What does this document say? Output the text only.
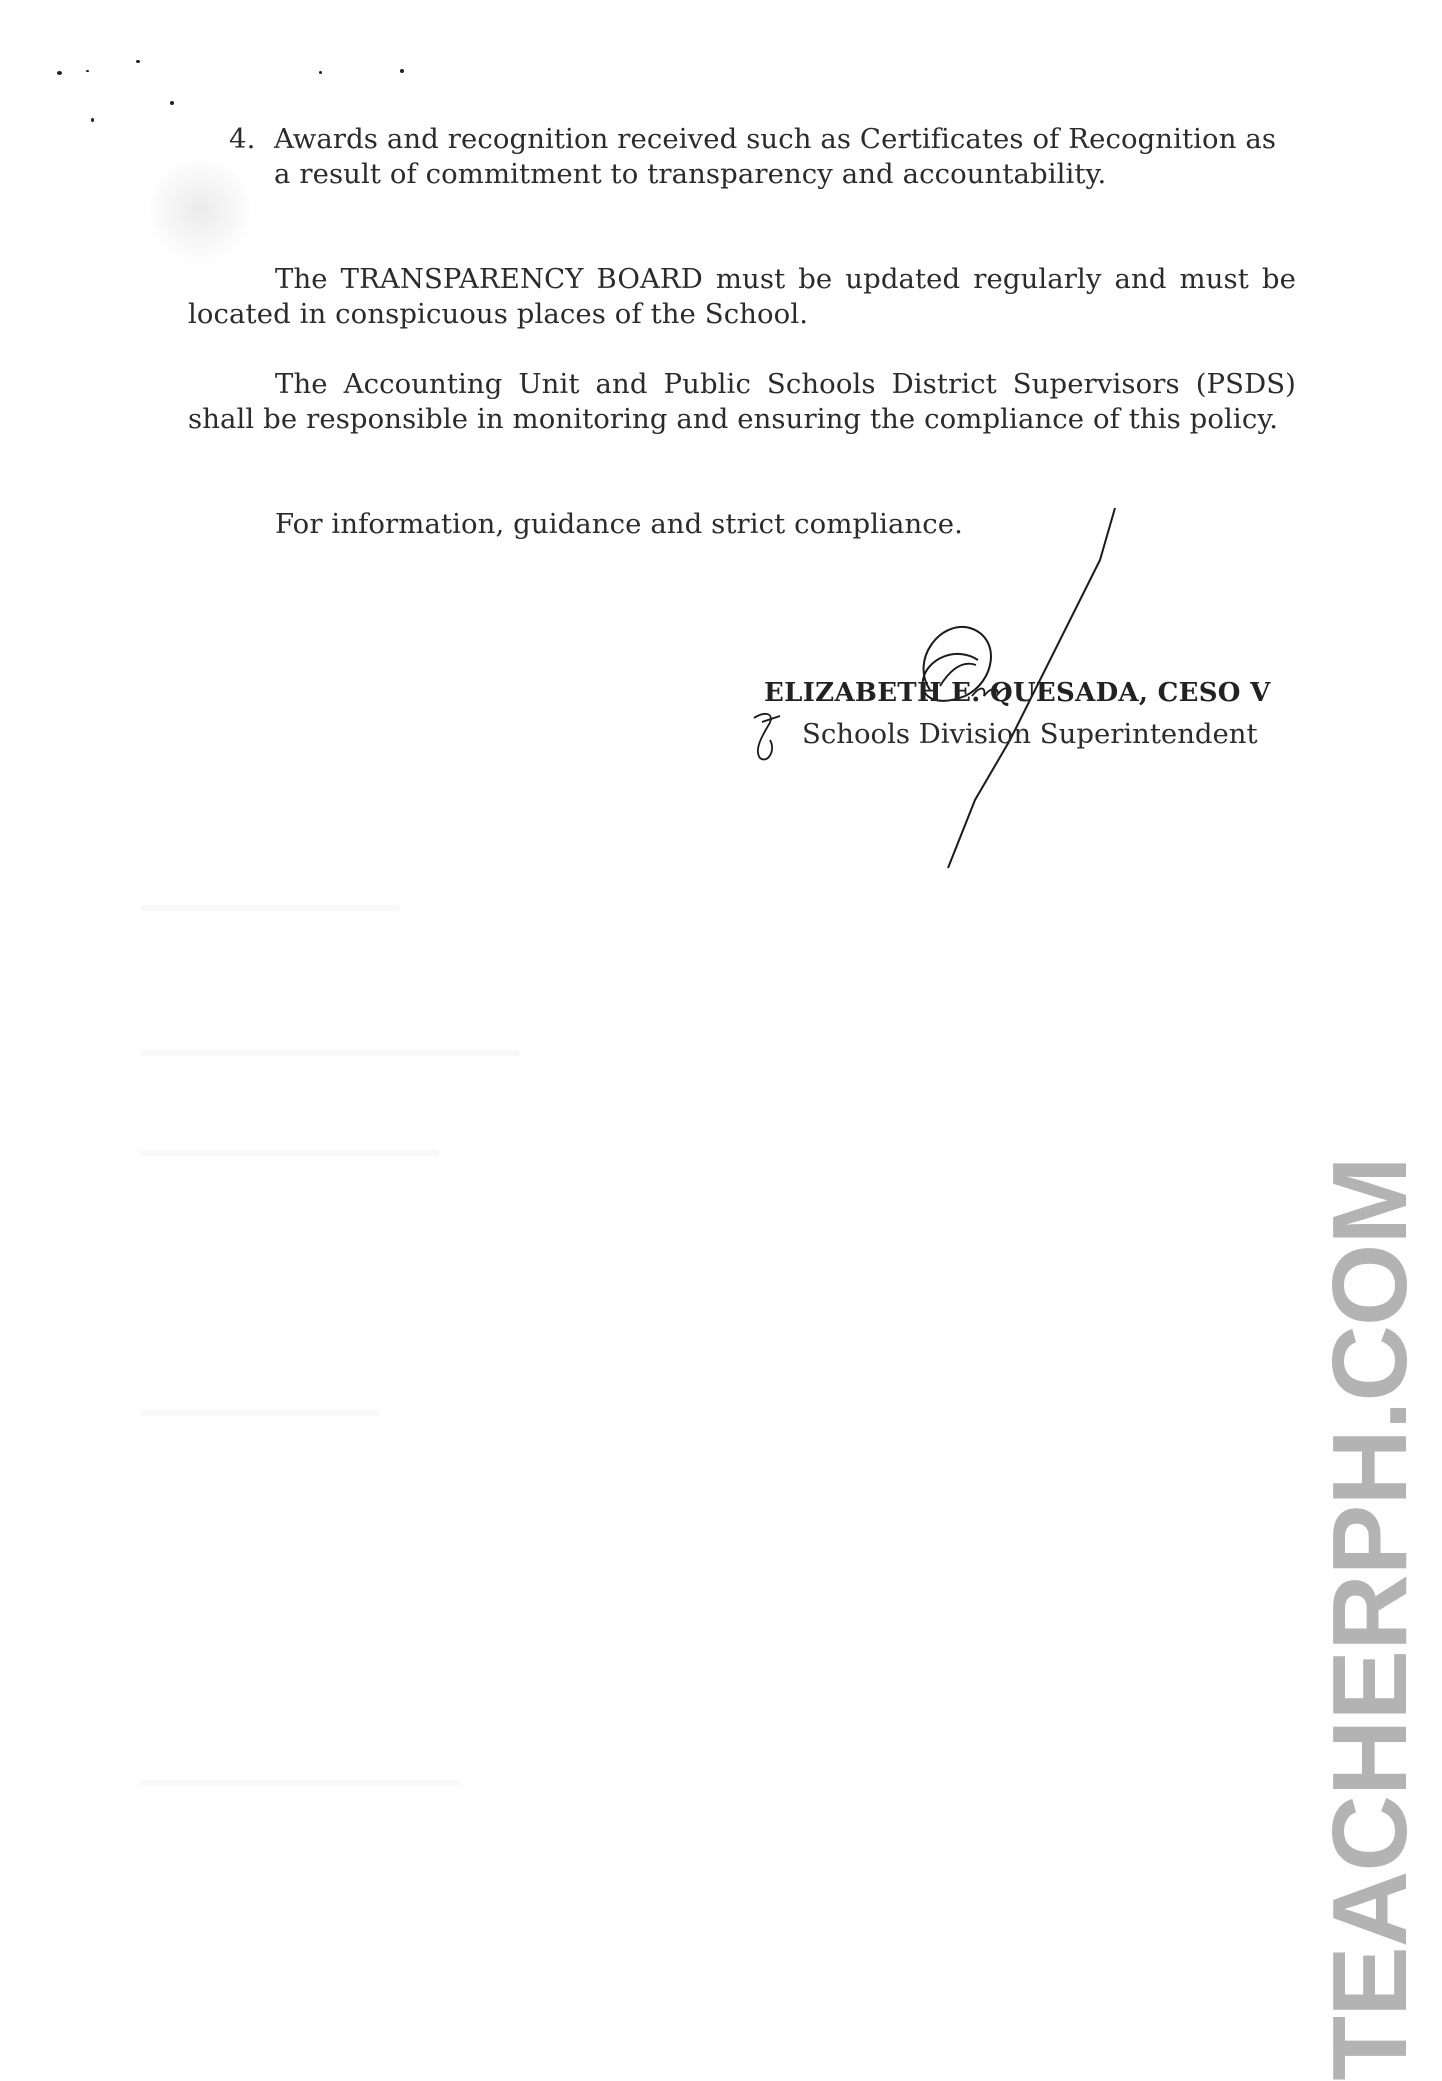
4. Awards and recognition received such as Certificates of Recognition as a result of commitment to transparency and accountability.
The TRANSPARENCY BOARD must be updated regularly and must be located in conspicuous places of the School.
The Accounting Unit and Public Schools District Supervisors (PSDS) shall be responsible in monitoring and ensuring the compliance of this policy.
For information, guidance and strict compliance.
ELIZABETH E. QUESADA, CESO V
Schools Division Superintendent
TEACHERPH.COM
